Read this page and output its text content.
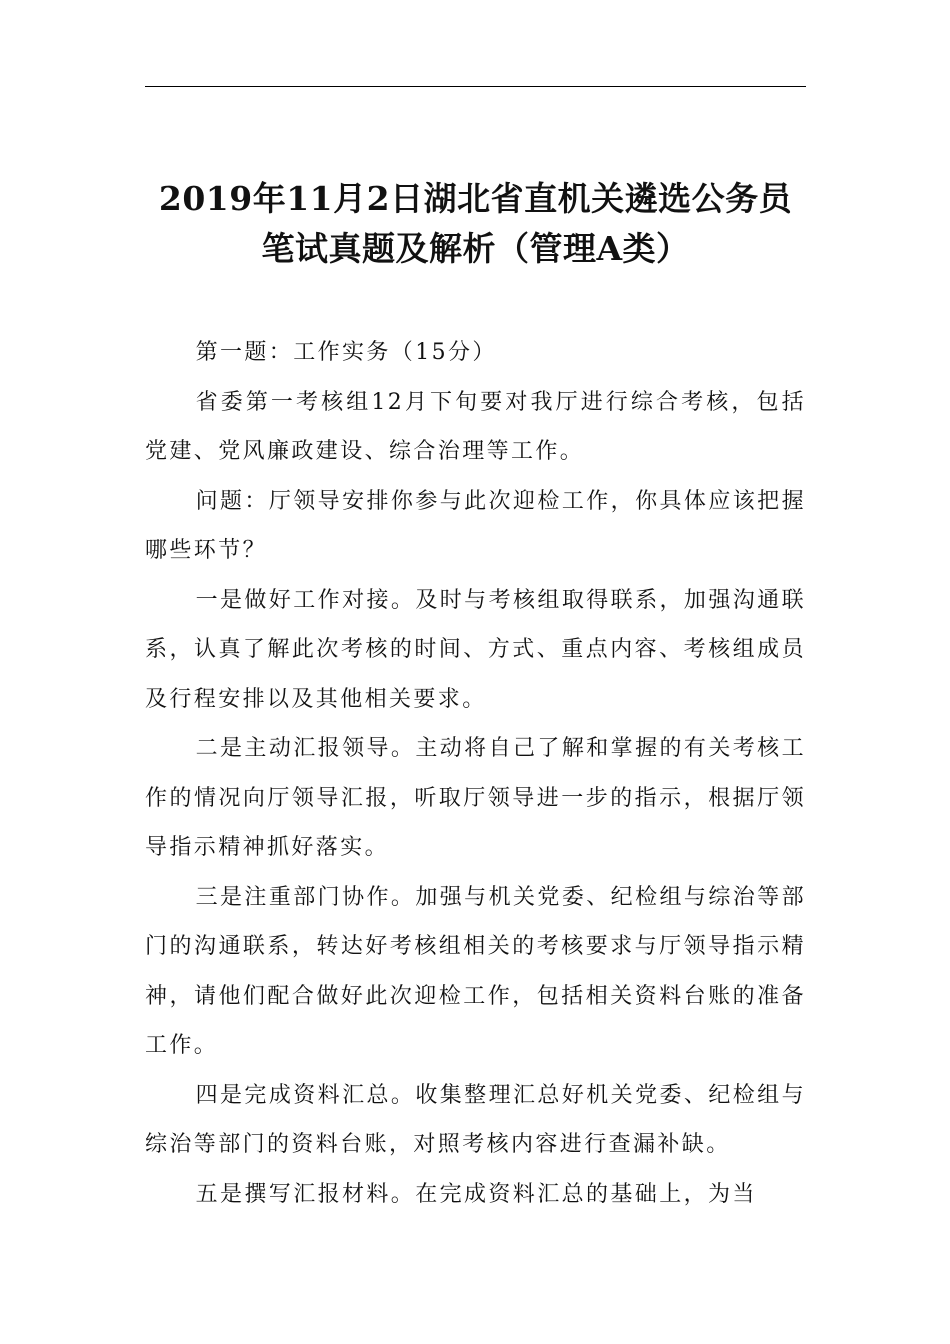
2019年11月2日湖北省直机关遴选公务员
笔试真题及解析（管理A类）

第一题：工作实务（15分）

省委第一考核组12月下旬要对我厅进行综合考核，包括党建、党风廉政建设、综合治理等工作。

问题：厅领导安排你参与此次迎检工作，你具体应该把握哪些环节？

一是做好工作对接。及时与考核组取得联系，加强沟通联系，认真了解此次考核的时间、方式、重点内容、考核组成员及行程安排以及其他相关要求。

二是主动汇报领导。主动将自己了解和掌握的有关考核工作的情况向厅领导汇报，听取厅领导进一步的指示，根据厅领导指示精神抓好落实。

三是注重部门协作。加强与机关党委、纪检组与综治等部门的沟通联系，转达好考核组相关的考核要求与厅领导指示精神，请他们配合做好此次迎检工作，包括相关资料台账的准备工作。

四是完成资料汇总。收集整理汇总好机关党委、纪检组与综治等部门的资料台账，对照考核内容进行查漏补缺。

五是撰写汇报材料。在完成资料汇总的基础上，为当
